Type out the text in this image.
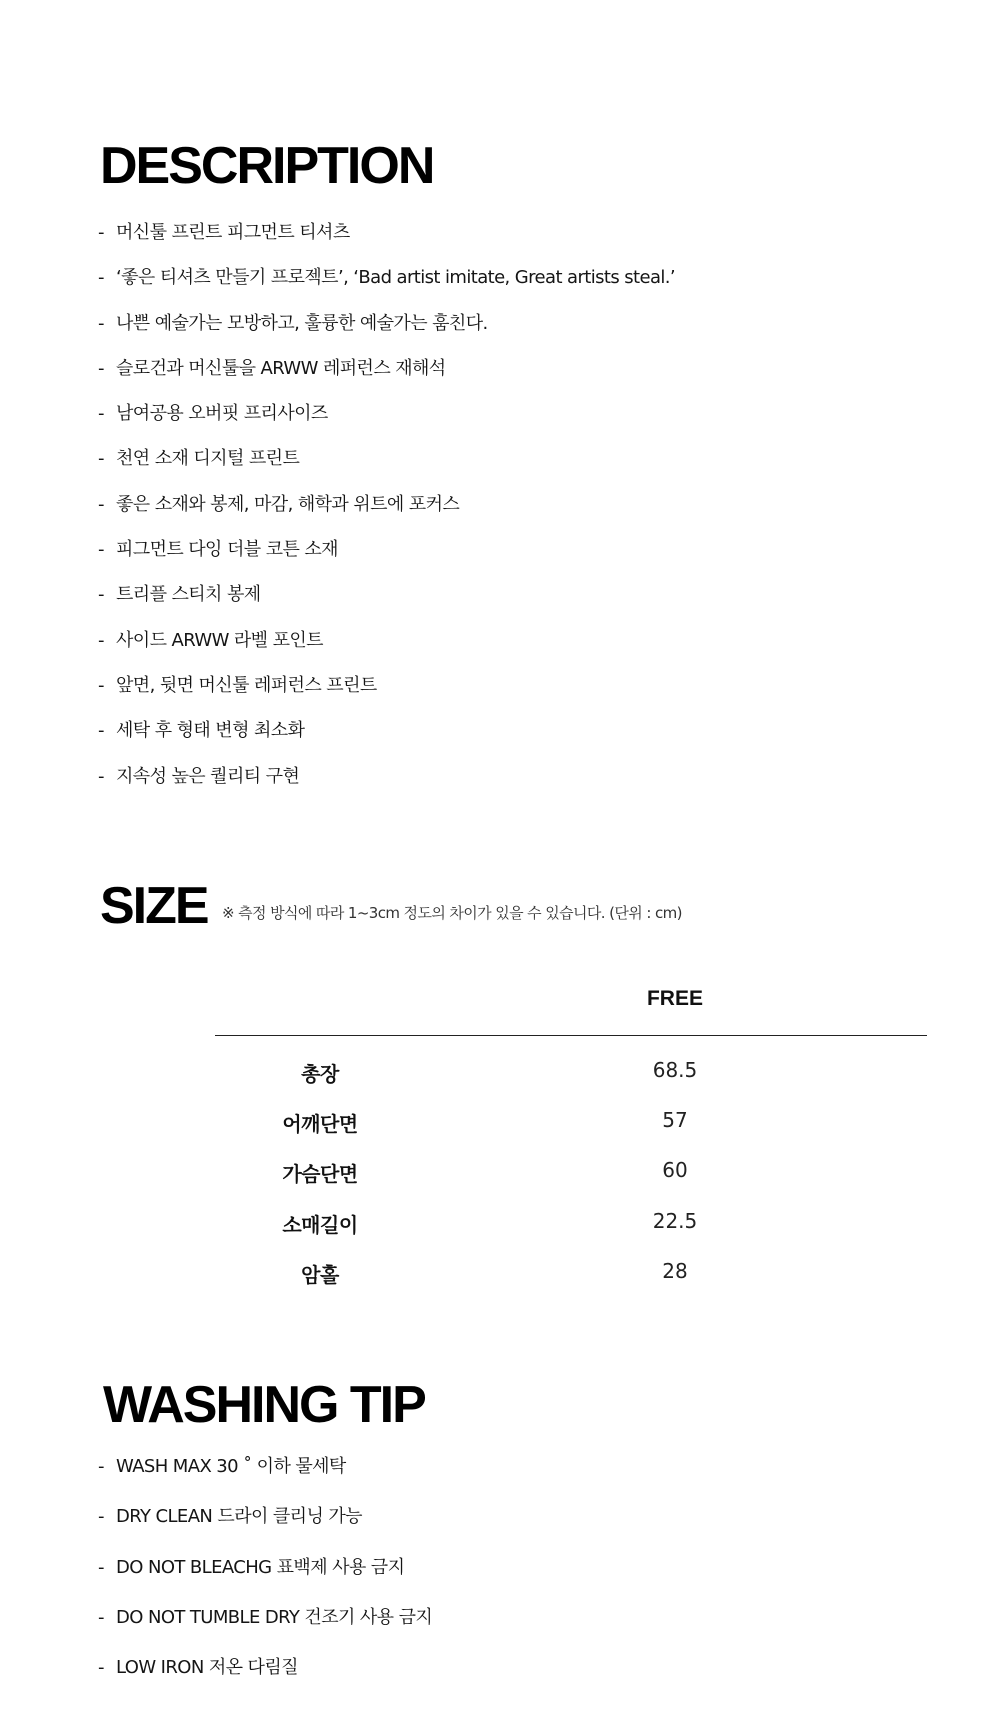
DESCRIPTION
- 머신툴 프린트 피그먼트 티셔츠
- ‘좋은 티셔츠 만들기 프로젝트’, ‘Bad artist imitate, Great artists steal.’
- 나쁜 예술가는 모방하고, 훌륭한 예술가는 훔친다.
- 슬로건과 머신툴을 ARWW 레퍼런스 재해석
- 남여공용 오버핏 프리사이즈
- 천연 소재 디지털 프린트
- 좋은 소재와 봉제, 마감, 해학과 위트에 포커스
- 피그먼트 다잉 더블 코튼 소재
- 트리플 스티치 봉제
- 사이드 ARWW 라벨 포인트
- 앞면, 뒷면 머신툴 레퍼런스 프린트
- 세탁 후 형태 변형 최소화
- 지속성 높은 퀄리티 구현
SIZE ※ 측정 방식에 따라 1~3cm 정도의 차이가 있을 수 있습니다. (단위 : cm)
FREE
총장	68.5
어깨단면	57
가슴단면	60
소매길이	22.5
암홀	28
WASHING TIP
- WASH MAX 30 ˚ 이하 물세탁
- DRY CLEAN 드라이 클리닝 가능
- DO NOT BLEACHG 표백제 사용 금지
- DO NOT TUMBLE DRY 건조기 사용 금지
- LOW IRON 저온 다림질
